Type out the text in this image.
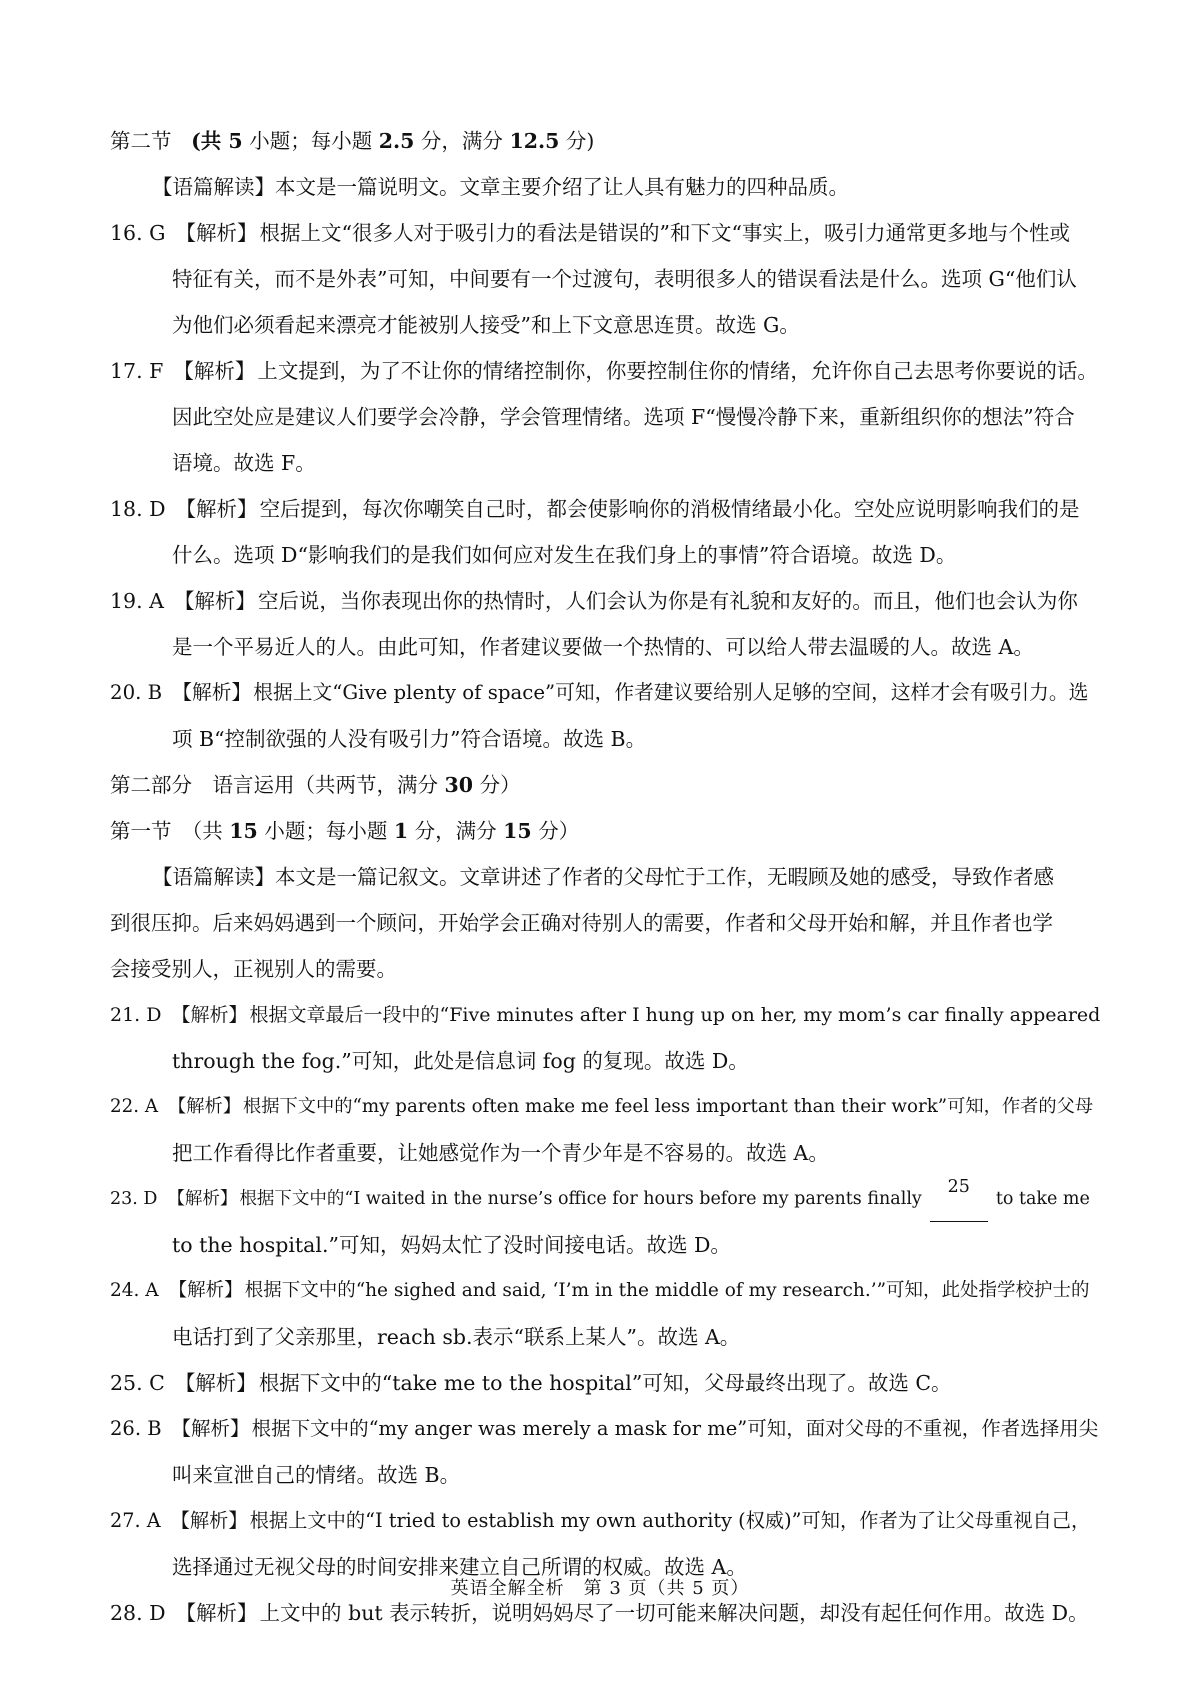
第二节 (共 5 小题；每小题 2.5 分，满分 12.5 分)
【语篇解读】本文是一篇说明文。文章主要介绍了让人具有魅力的四种品质。
16. G 【解析】 根据上文“很多人对于吸引力的看法是错误的”和下文“事实上，吸引力通常更多地与个性或
特征有关，而不是外表”可知，中间要有一个过渡句，表明很多人的错误看法是什么。选项 G“他们认
为他们必须看起来漂亮才能被别人接受”和上下文意思连贯。故选 G。
17. F 【解析】 上文提到，为了不让你的情绪控制你，你要控制住你的情绪，允许你自己去思考你要说的话。
因此空处应是建议人们要学会冷静，学会管理情绪。选项 F“慢慢冷静下来，重新组织你的想法”符合
语境。故选 F。
18. D 【解析】 空后提到，每次你嘲笑自己时，都会使影响你的消极情绪最小化。空处应说明影响我们的是
什么。选项 D“影响我们的是我们如何应对发生在我们身上的事情”符合语境。故选 D。
19. A 【解析】 空后说，当你表现出你的热情时，人们会认为你是有礼貌和友好的。而且，他们也会认为你
是一个平易近人的人。由此可知，作者建议要做一个热情的、可以给人带去温暖的人。故选 A。
20. B 【解析】 根据上文“Give plenty of space”可知，作者建议要给别人足够的空间，这样才会有吸引力。选
项 B“控制欲强的人没有吸引力”符合语境。故选 B。
第二部分　语言运用（共两节，满分 30 分）
第一节　（共 15 小题；每小题 1 分，满分 15 分）
【语篇解读】本文是一篇记叙文。文章讲述了作者的父母忙于工作，无暇顾及她的感受，导致作者感
到很压抑。后来妈妈遇到一个顾问，开始学会正确对待别人的需要，作者和父母开始和解，并且作者也学
会接受别人，正视别人的需要。
21. D 【解析】 根据文章最后一段中的“Five minutes after I hung up on her, my mom’s car finally appeared
through the fog.”可知，此处是信息词 fog 的复现。故选 D。
22. A 【解析】 根据下文中的“my parents often make me feel less important than their work”可知，作者的父母
把工作看得比作者重要，让她感觉作为一个青少年是不容易的。故选 A。
23. D 【解析】 根据下文中的“I waited in the nurse’s office for hours before my parents finally
25
to take me
to the hospital.”可知，妈妈太忙了没时间接电话。故选 D。
24. A 【解析】 根据下文中的“he sighed and said, ‘I’m in the middle of my research.’”可知，此处指学校护士的
电话打到了父亲那里，reach sb.表示“联系上某人”。故选 A。
25. C 【解析】 根据下文中的“take me to the hospital”可知，父母最终出现了。故选 C。
26. B 【解析】 根据下文中的“my anger was merely a mask for me”可知，面对父母的不重视，作者选择用尖
叫来宣泄自己的情绪。故选 B。
27. A 【解析】 根据上文中的“I tried to establish my own authority (权威)”可知，作者为了让父母重视自己，
选择通过无视父母的时间安排来建立自己所谓的权威。故选 A。
28. D 【解析】 上文中的 but 表示转折，说明妈妈尽了一切可能来解决问题，却没有起任何作用。故选 D。
英语全解全析　第 3 页（共 5 页）
